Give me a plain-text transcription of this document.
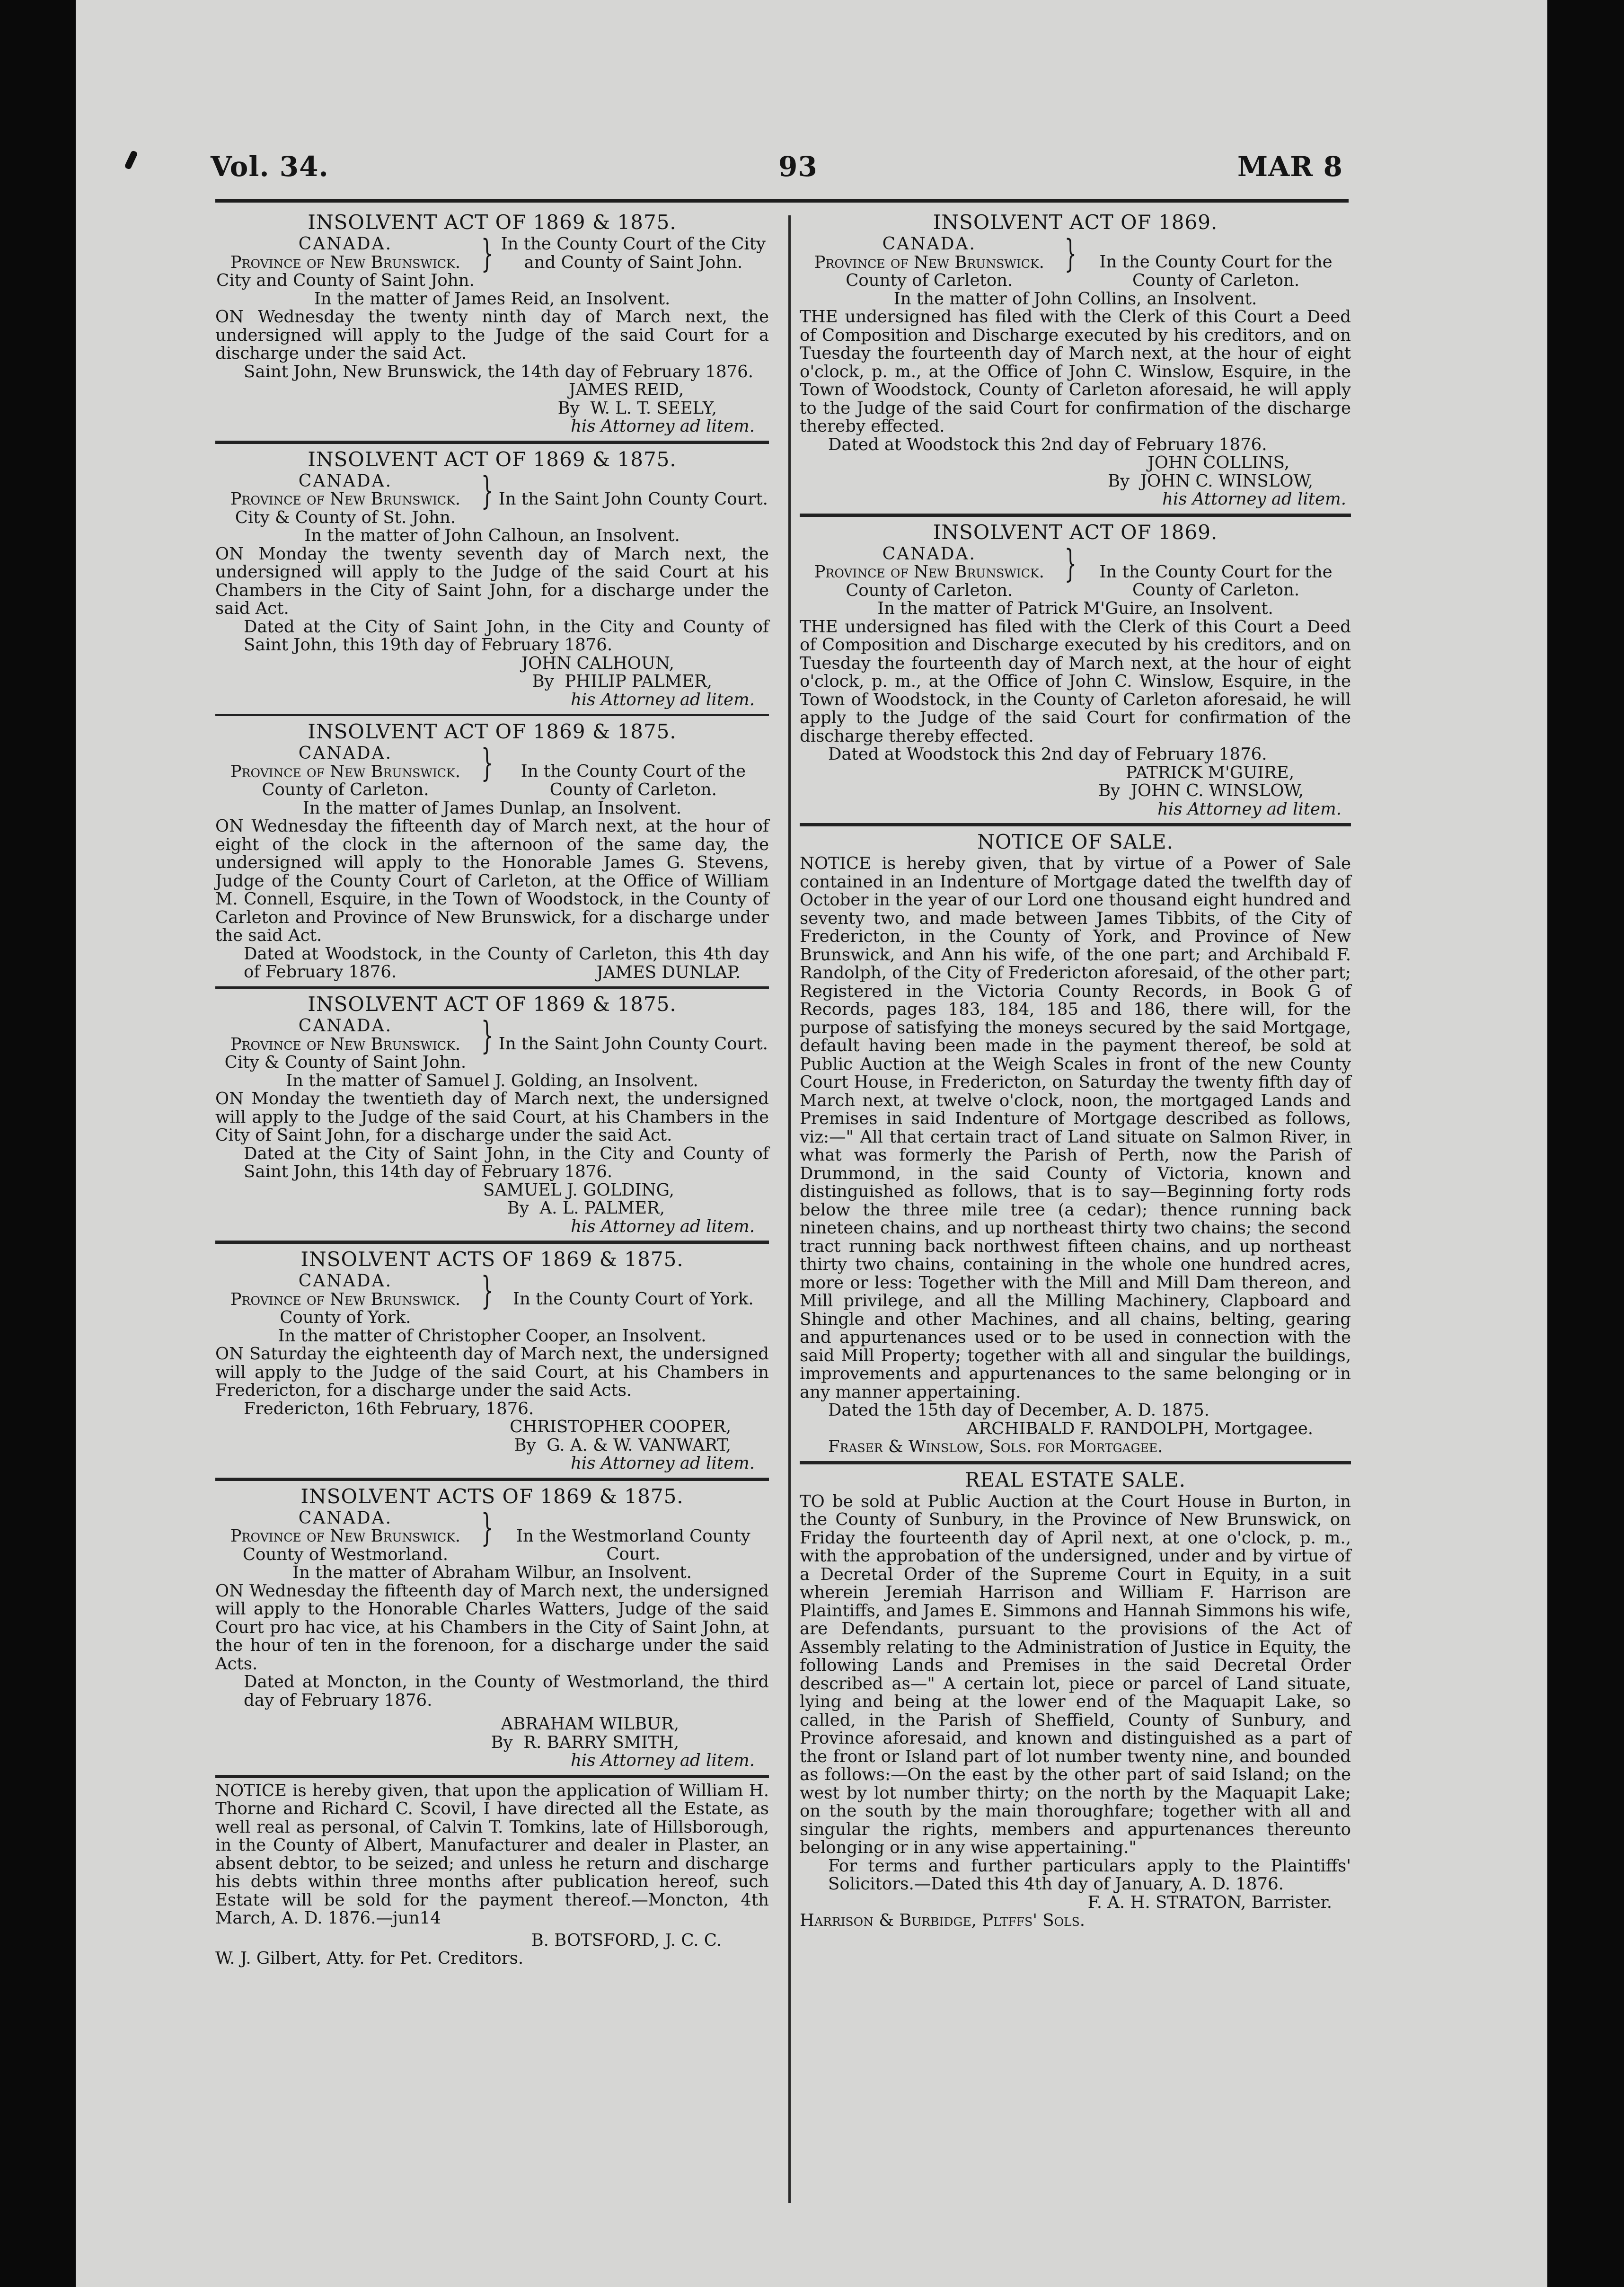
Vol. 34.	93	MAR 8
INSOLVENT ACT OF 1869 & 1875.
CANADA.
Province of New Brunswick.
City and County of Saint John.
} In the County Court of the City and County of Saint John.
In the matter of James Reid, an Insolvent.
ON Wednesday the twenty ninth day of March next, the undersigned will apply to the Judge of the said Court for a discharge under the said Act.
Saint John, New Brunswick, the 14th day of February 1876.
JAMES REID,
By W. L. T. SEELY,
his Attorney ad litem.
INSOLVENT ACT OF 1869 & 1875.
CANADA.
Province of New Brunswick.
City & County of St. John.
} In the Saint John County Court.
In the matter of John Calhoun, an Insolvent.
ON Monday the twenty seventh day of March next, the undersigned will apply to the Judge of the said Court at his Chambers in the City of Saint John, for a discharge under the said Act.
Dated at the City of Saint John, in the City and County of Saint John, this 19th day of February 1876.
JOHN CALHOUN,
By PHILIP PALMER,
his Attorney ad litem.
INSOLVENT ACT OF 1869 & 1875.
CANADA.
Province of New Brunswick.
County of Carleton.
}	In the County Court of the County of Carleton.
In the matter of James Dunlap, an Insolvent.
ON Wednesday the fifteenth day of March next, at the hour of eight of the clock in the afternoon of the same day, the undersigned will apply to the Honorable James G. Stevens, Judge of the County Court of Carleton, at the Office of William M. Connell, Esquire, in the Town of Woodstock, in the County of Carleton and Province of New Brunswick, for a discharge under the said Act.
Dated at Woodstock, in the County of Carleton, this 4th day of February 1876.	JAMES DUNLAP.
INSOLVENT ACT OF 1869 & 1875.
CANADA.
Province of New Brunswick.
City & County of Saint John.
} In the Saint John County Court.
In the matter of Samuel J. Golding, an Insolvent.
ON Monday the twentieth day of March next, the undersigned will apply to the Judge of the said Court, at his Chambers in the City of Saint John, for a discharge under the said Act.
Dated at the City of Saint John, in the City and County of Saint John, this 14th day of February 1876.
SAMUEL J. GOLDING,
By A. L. PALMER,
his Attorney ad litem.
INSOLVENT ACTS OF 1869 & 1875.
CANADA.
Province of New Brunswick.
County of York.
}	In the County Court of York.
In the matter of Christopher Cooper, an Insolvent.
ON Saturday the eighteenth day of March next, the undersigned will apply to the Judge of the said Court, at his Chambers in Fredericton, for a discharge under the said Acts.
Fredericton, 16th February, 1876.
CHRISTOPHER COOPER,
By G. A. & W. VANWART,
his Attorney ad litem.
INSOLVENT ACTS OF 1869 & 1875.
CANADA.
Province of New Brunswick.
County of Westmorland.
}	In the Westmorland County Court.
In the matter of Abraham Wilbur, an Insolvent.
ON Wednesday the fifteenth day of March next, the undersigned will apply to the Honorable Charles Watters, Judge of the said Court pro hac vice, at his Chambers in the City of Saint John, at the hour of ten in the forenoon, for a discharge under the said Acts.
Dated at Moncton, in the County of Westmorland, the third day of February 1876.
ABRAHAM WILBUR,
By R. BARRY SMITH,
his Attorney ad litem.
NOTICE is hereby given, that upon the application of William H. Thorne and Richard C. Scovil, I have directed all the Estate, as well real as personal, of Calvin T. Tomkins, late of Hillsborough, in the County of Albert, Manufacturer and dealer in Plaster, an absent debtor, to be seized; and unless he return and discharge his debts within three months after publication hereof, such Estate will be sold for the payment thereof.—Moncton, 4th March, A. D. 1876.—jun14
B. BOTSFORD, J. C. C.
W. J. Gilbert, Atty. for Pet. Creditors.
INSOLVENT ACT OF 1869.
CANADA.
Province of New Brunswick.
County of Carleton.
}	In the County Court for the County of Carleton.
In the matter of John Collins, an Insolvent.
THE undersigned has filed with the Clerk of this Court a Deed of Composition and Discharge executed by his creditors, and on Tuesday the fourteenth day of March next, at the hour of eight o'clock, p. m., at the Office of John C. Winslow, Esquire, in the Town of Woodstock, County of Carleton aforesaid, he will apply to the Judge of the said Court for confirmation of the discharge thereby effected.
Dated at Woodstock this 2nd day of February 1876.
JOHN COLLINS,
By JOHN C. WINSLOW,
his Attorney ad litem.
INSOLVENT ACT OF 1869.
CANADA.
Province of New Brunswick.
County of Carleton.
}	In the County Court for the County of Carleton.
In the matter of Patrick M'Guire, an Insolvent.
THE undersigned has filed with the Clerk of this Court a Deed of Composition and Discharge executed by his creditors, and on Tuesday the fourteenth day of March next, at the hour of eight o'clock, p. m., at the Office of John C. Winslow, Esquire, in the Town of Woodstock, in the County of Carleton aforesaid, he will apply to the Judge of the said Court for confirmation of the discharge thereby effected.
Dated at Woodstock this 2nd day of February 1876.
PATRICK M'GUIRE,
By JOHN C. WINSLOW,
his Attorney ad litem.
NOTICE OF SALE.
NOTICE is hereby given, that by virtue of a Power of Sale contained in an Indenture of Mortgage dated the twelfth day of October in the year of our Lord one thousand eight hundred and seventy two, and made between James Tibbits, of the City of Fredericton, in the County of York, and Province of New Brunswick, and Ann his wife, of the one part; and Archibald F. Randolph, of the City of Fredericton aforesaid, of the other part; Registered in the Victoria County Records, in Book G of Records, pages 183, 184, 185 and 186, there will, for the purpose of satisfying the moneys secured by the said Mortgage, default having been made in the payment thereof, be sold at Public Auction at the Weigh Scales in front of the new County Court House, in Fredericton, on Saturday the twenty fifth day of March next, at twelve o'clock, noon, the mortgaged Lands and Premises in said Indenture of Mortgage described as follows, viz:—" All that certain tract of Land situate on Salmon River, in what was formerly the Parish of Perth, now the Parish of Drummond, in the said County of Victoria, known and distinguished as follows, that is to say—Beginning forty rods below the three mile tree (a cedar); thence running back nineteen chains, and up northeast thirty two chains; the second tract running back northwest fifteen chains, and up northeast thirty two chains, containing in the whole one hundred acres, more or less: Together with the Mill and Mill Dam thereon, and Mill privilege, and all the Milling Machinery, Clapboard and Shingle and other Machines, and all chains, belting, gearing and appurtenances used or to be used in connection with the said Mill Property; together with all and singular the buildings, improvements and appurtenances to the same belonging or in any manner appertaining.
Dated the 15th day of December, A. D. 1875.
ARCHIBALD F. RANDOLPH, Mortgagee.
Fraser & Winslow, Sols. for Mortgagee.
REAL ESTATE SALE.
TO be sold at Public Auction at the Court House in Burton, in the County of Sunbury, in the Province of New Brunswick, on Friday the fourteenth day of April next, at one o'clock, p. m., with the approbation of the undersigned, under and by virtue of a Decretal Order of the Supreme Court in Equity, in a suit wherein Jeremiah Harrison and William F. Harrison are Plaintiffs, and James E. Simmons and Hannah Simmons his wife, are Defendants, pursuant to the provisions of the Act of Assembly relating to the Administration of Justice in Equity, the following Lands and Premises in the said Decretal Order described as—" A certain lot, piece or parcel of Land situate, lying and being at the lower end of the Maquapit Lake, so called, in the Parish of Sheffield, County of Sunbury, and Province aforesaid, and known and distinguished as a part of the front or Island part of lot number twenty nine, and bounded as follows:—On the east by the other part of said Island; on the west by lot number thirty; on the north by the Maquapit Lake; on the south by the main thoroughfare; together with all and singular the rights, members and appurtenances thereunto belonging or in any wise appertaining."
For terms and further particulars apply to the Plaintiffs' Solicitors.—Dated this 4th day of January, A. D. 1876.
F. A. H. STRATON, Barrister.
Harrison & Burbidge, Pltffs' Sols.
